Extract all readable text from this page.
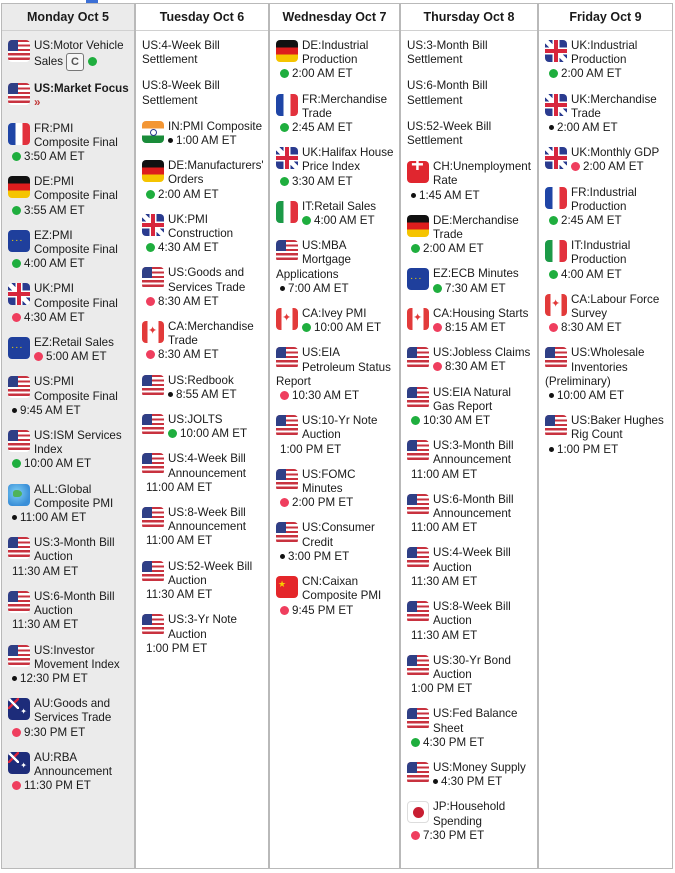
Monday Oct 5
US:Motor Vehicle Sales C
US:Market Focus »
FR:PMI Composite Final
3:50 AM ET
DE:PMI Composite Final
3:55 AM ET
· · ·
EZ:PMI Composite Final
4:00 AM ET
UK:PMI Composite Final
4:30 AM ET
· · ·
EZ:Retail Sales
5:00 AM ET
US:PMI Composite Final
9:45 AM ET
US:ISM Services Index
10:00 AM ET
ALL:Global Composite PMI
11:00 AM ET
US:3-Month Bill Auction
11:30 AM ET
US:6-Month Bill Auction
11:30 AM ET
US:Investor Movement Index
12:30 PM ET
✦
AU:Goods and Services Trade
9:30 PM ET
✦
AU:RBA Announcement
11:30 PM ET
Tuesday Oct 6
US:4-Week Bill Settlement
US:8-Week Bill Settlement
IN:PMI Composite
1:00 AM ET
DE:Manufacturers' Orders
2:00 AM ET
UK:PMI Construction
4:30 AM ET
US:Goods and Services Trade
8:30 AM ET
✦
CA:Merchandise Trade
8:30 AM ET
US:Redbook
8:55 AM ET
US:JOLTS
10:00 AM ET
US:4-Week Bill Announcement
11:00 AM ET
US:8-Week Bill Announcement
11:00 AM ET
US:52-Week Bill Auction
11:30 AM ET
US:3-Yr Note Auction
1:00 PM ET
Wednesday Oct 7
DE:Industrial Production
2:00 AM ET
FR:Merchandise Trade
2:45 AM ET
UK:Halifax House Price Index
3:30 AM ET
IT:Retail Sales
4:00 AM ET
US:MBA Mortgage Applications
7:00 AM ET
✦
CA:Ivey PMI
10:00 AM ET
US:EIA Petroleum Status Report
10:30 AM ET
US:10-Yr Note Auction
1:00 PM ET
US:FOMC Minutes
2:00 PM ET
US:Consumer Credit
3:00 PM ET
★
CN:Caixan Composite PMI
9:45 PM ET
Thursday Oct 8
US:3-Month Bill Settlement
US:6-Month Bill Settlement
US:52-Week Bill Settlement
+
CH:Unemployment Rate
1:45 AM ET
DE:Merchandise Trade
2:00 AM ET
· · ·
EZ:ECB Minutes
7:30 AM ET
✦
CA:Housing Starts
8:15 AM ET
US:Jobless Claims
8:30 AM ET
US:EIA Natural Gas Report
10:30 AM ET
US:3-Month Bill Announcement
11:00 AM ET
US:6-Month Bill Announcement
11:00 AM ET
US:4-Week Bill Auction
11:30 AM ET
US:8-Week Bill Auction
11:30 AM ET
US:30-Yr Bond Auction
1:00 PM ET
US:Fed Balance Sheet
4:30 PM ET
US:Money Supply
4:30 PM ET
JP:Household Spending
7:30 PM ET
Friday Oct 9
UK:Industrial Production
2:00 AM ET
UK:Merchandise Trade
2:00 AM ET
UK:Monthly GDP
2:00 AM ET
FR:Industrial Production
2:45 AM ET
IT:Industrial Production
4:00 AM ET
✦
CA:Labour Force Survey
8:30 AM ET
US:Wholesale Inventories (Preliminary)
10:00 AM ET
US:Baker Hughes Rig Count
1:00 PM ET
